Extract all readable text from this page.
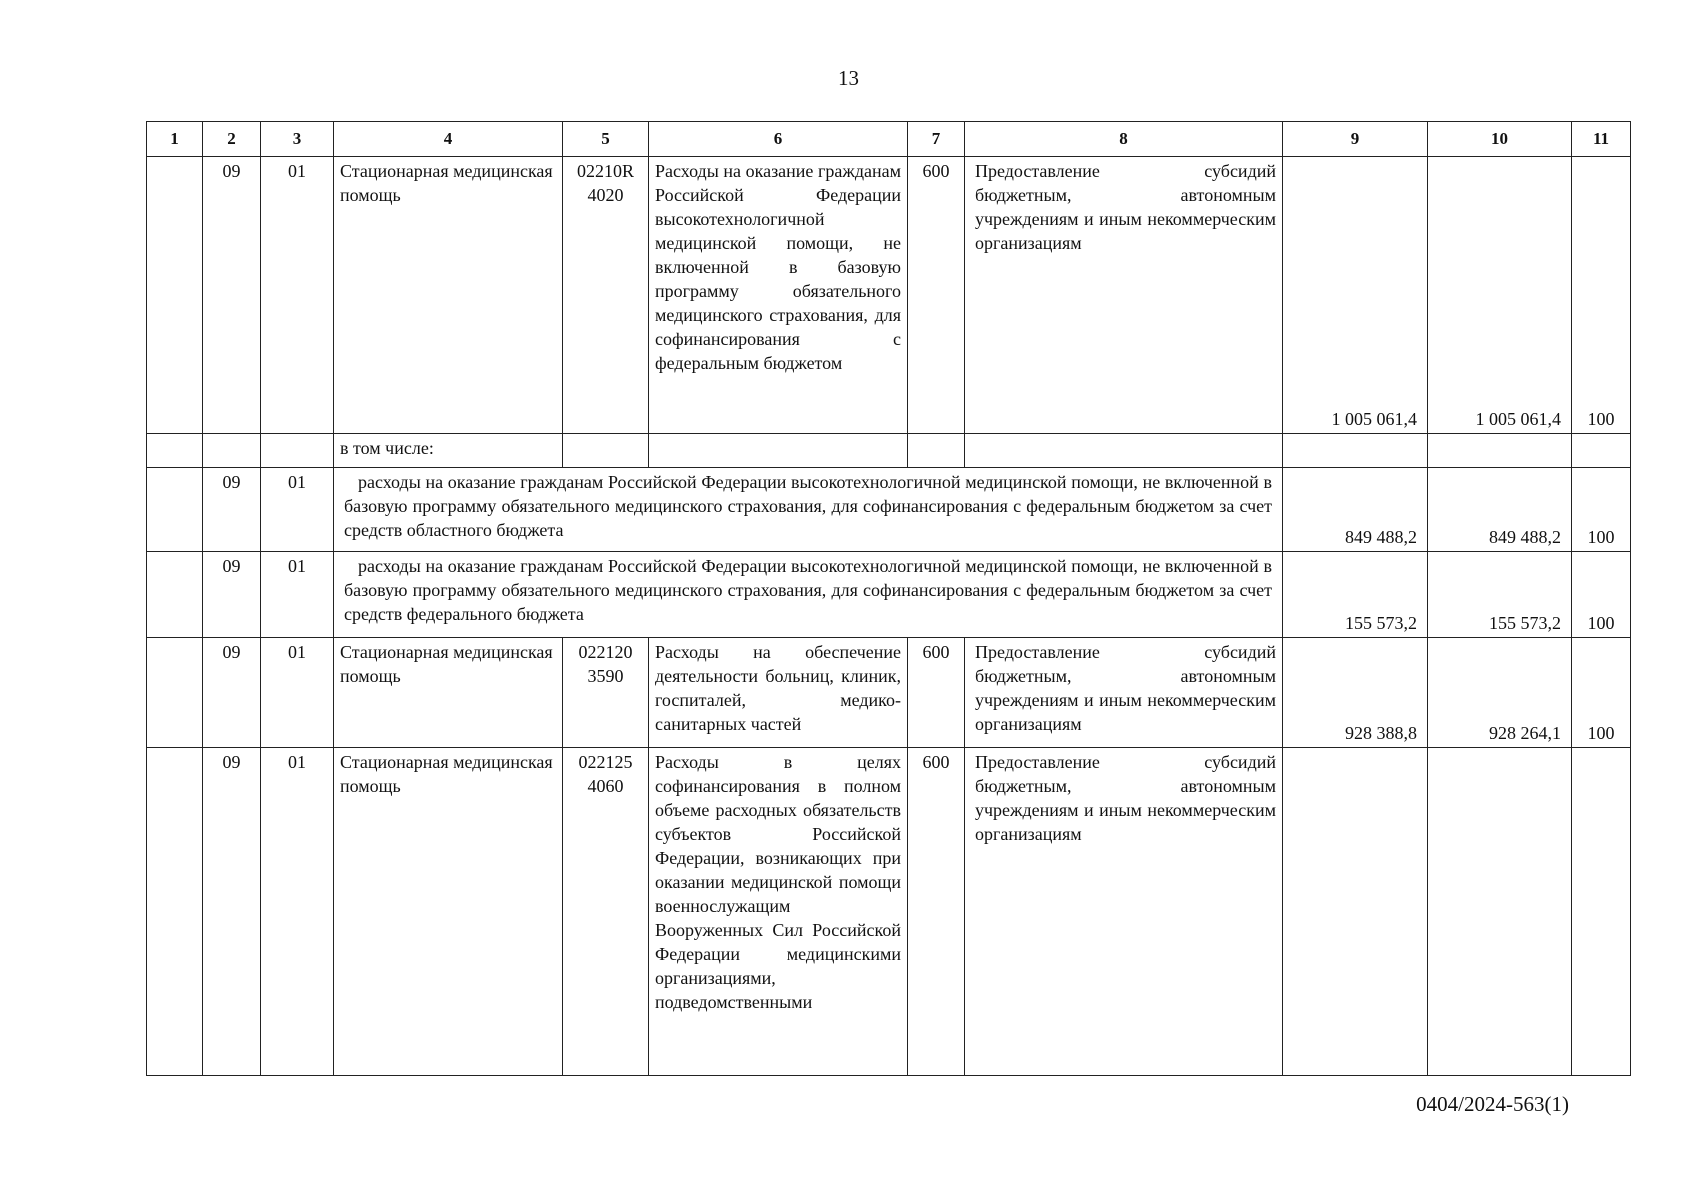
13
1	2	3	4	5	6	7	8	9	10	11
	09	01	Стационарная медицинская помощь	02210R 4020	Расходы на оказание гражданам Российской Федерации высокотехнологичной медицинской помощи, не включенной в базовую программу обязательного медицинского страхования, для софинансирования с федеральным бюджетом	600	Предоставление субсидий бюджетным, автономным учреждениям и иным некоммерческим организациям	1 005 061,4	1 005 061,4	100
			в том числе:							
	09	01	расходы на оказание гражданам Российской Федерации высокотехнологичной медицинской помощи, не включенной в базовую программу обязательного медицинского страхования, для софинансирования с федеральным бюджетом за счет средств областного бюджета					849 488,2	849 488,2	100
	09	01	расходы на оказание гражданам Российской Федерации высокотехнологичной медицинской помощи, не включенной в базовую программу обязательного медицинского страхования, для софинансирования с федеральным бюджетом за счет средств федерального бюджета					155 573,2	155 573,2	100
	09	01	Стационарная медицинская помощь	022120 3590	Расходы на обеспечение деятельности больниц, клиник, госпиталей, медико-санитарных частей	600	Предоставление субсидий бюджетным, автономным учреждениям и иным некоммерческим организациям	928 388,8	928 264,1	100
	09	01	Стационарная медицинская помощь	022125 4060	Расходы в целях софинансирования в полном объеме расходных обязательств субъектов Российской Федерации, возникающих при оказании медицинской помощи военнослужащим Вооруженных Сил Российской Федерации медицинскими организациями, подведомственными	600	Предоставление субсидий бюджетным, автономным учреждениям и иным некоммерческим организациям			
0404/2024-563(1)
